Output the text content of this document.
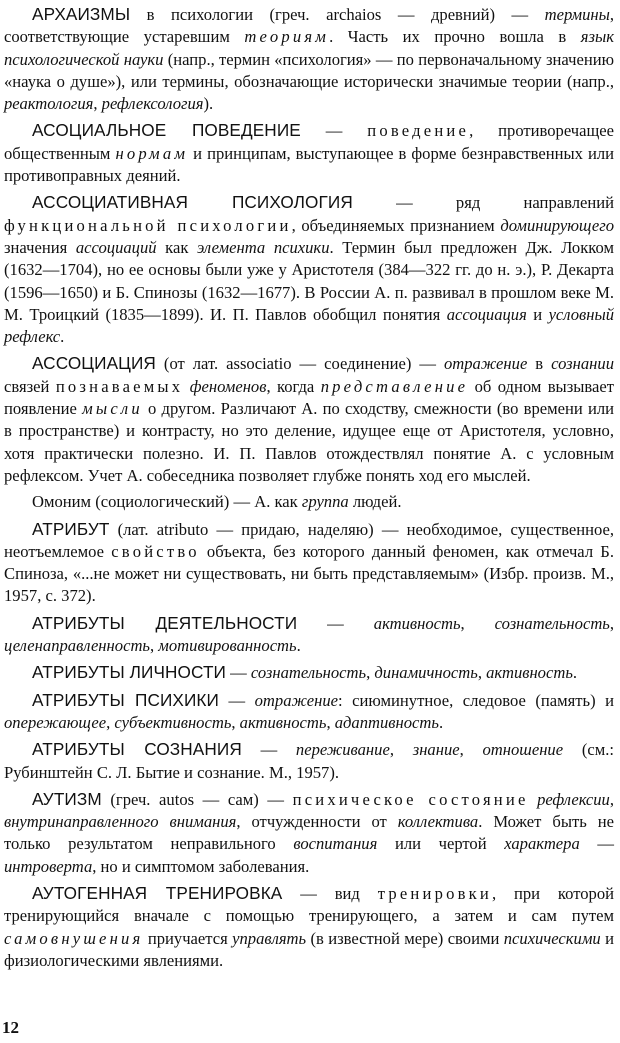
АРХАИЗМЫ в психологии (греч. archaios — древний) — термины, соответствующие устаревшим теориям. Часть их прочно вошла в язык психологической науки (напр., термин «психология» — по первоначальному значению «наука о душе»), или термины, обозначающие исторически значимые теории (напр., реактология, рефлексология).

АСОЦИАЛЬНОЕ ПОВЕДЕНИЕ — поведение, противоречащее общественным нормам и принципам, выступающее в форме безнравственных или противоправных деяний.

АССОЦИАТИВНАЯ ПСИХОЛОГИЯ — ряд направлений функциональной психологии, объединяемых признанием доминирующего значения ассоциаций как элемента психики. Термин был предложен Дж. Локком (1632—1704), но ее основы были уже у Аристотеля (384—322 гг. до н. э.), Р. Декарта (1596—1650) и Б. Спинозы (1632—1677). В России А. п. развивал в прошлом веке М. М. Троицкий (1835—1899). И. П. Павлов обобщил понятия ассоциация и условный рефлекс.

АССОЦИАЦИЯ (от лат. associatio — соединение) — отражение в сознании связей познаваемых феноменов, когда представление об одном вызывает появление мысли о другом. Различают А. по сходству, смежности (во времени или в пространстве) и контрасту, но это деление, идущее еще от Аристотеля, условно, хотя практически полезно. И. П. Павлов отождествлял понятие А. с условным рефлексом. Учет А. собеседника позволяет глубже понять ход его мыслей.

Омоним (социологический) — А. как группа людей.

АТРИБУТ (лат. atributo — придаю, наделяю) — необходимое, существенное, неотъемлемое свойство объекта, без которого данный феномен, как отмечал Б. Спиноза, «...не может ни существовать, ни быть представляемым» (Избр. произв. М., 1957, с. 372).

АТРИБУТЫ ДЕЯТЕЛЬНОСТИ — активность, сознательность, целенаправленность, мотивированность.

АТРИБУТЫ ЛИЧНОСТИ — сознательность, динамичность, активность.

АТРИБУТЫ ПСИХИКИ — отражение: сиюминутное, следовое (память) и опережающее, субъективность, активность, адаптивность.

АТРИБУТЫ СОЗНАНИЯ — переживание, знание, отношение (см.: Рубинштейн С. Л. Бытие и сознание. М., 1957).

АУТИЗМ (греч. autos — сам) — психическое состояние рефлексии, внутринаправленного внимания, отчужденности от коллектива. Может быть не только результатом неправильного воспитания или чертой характера — интроверта, но и симптомом заболевания.

АУТОГЕННАЯ ТРЕНИРОВКА — вид тренировки, при которой тренирующийся вначале с помощью тренирующего, а затем и сам путем самовнушения приучается управлять (в известной мере) своими психическими и физиологическими явлениями.

12
